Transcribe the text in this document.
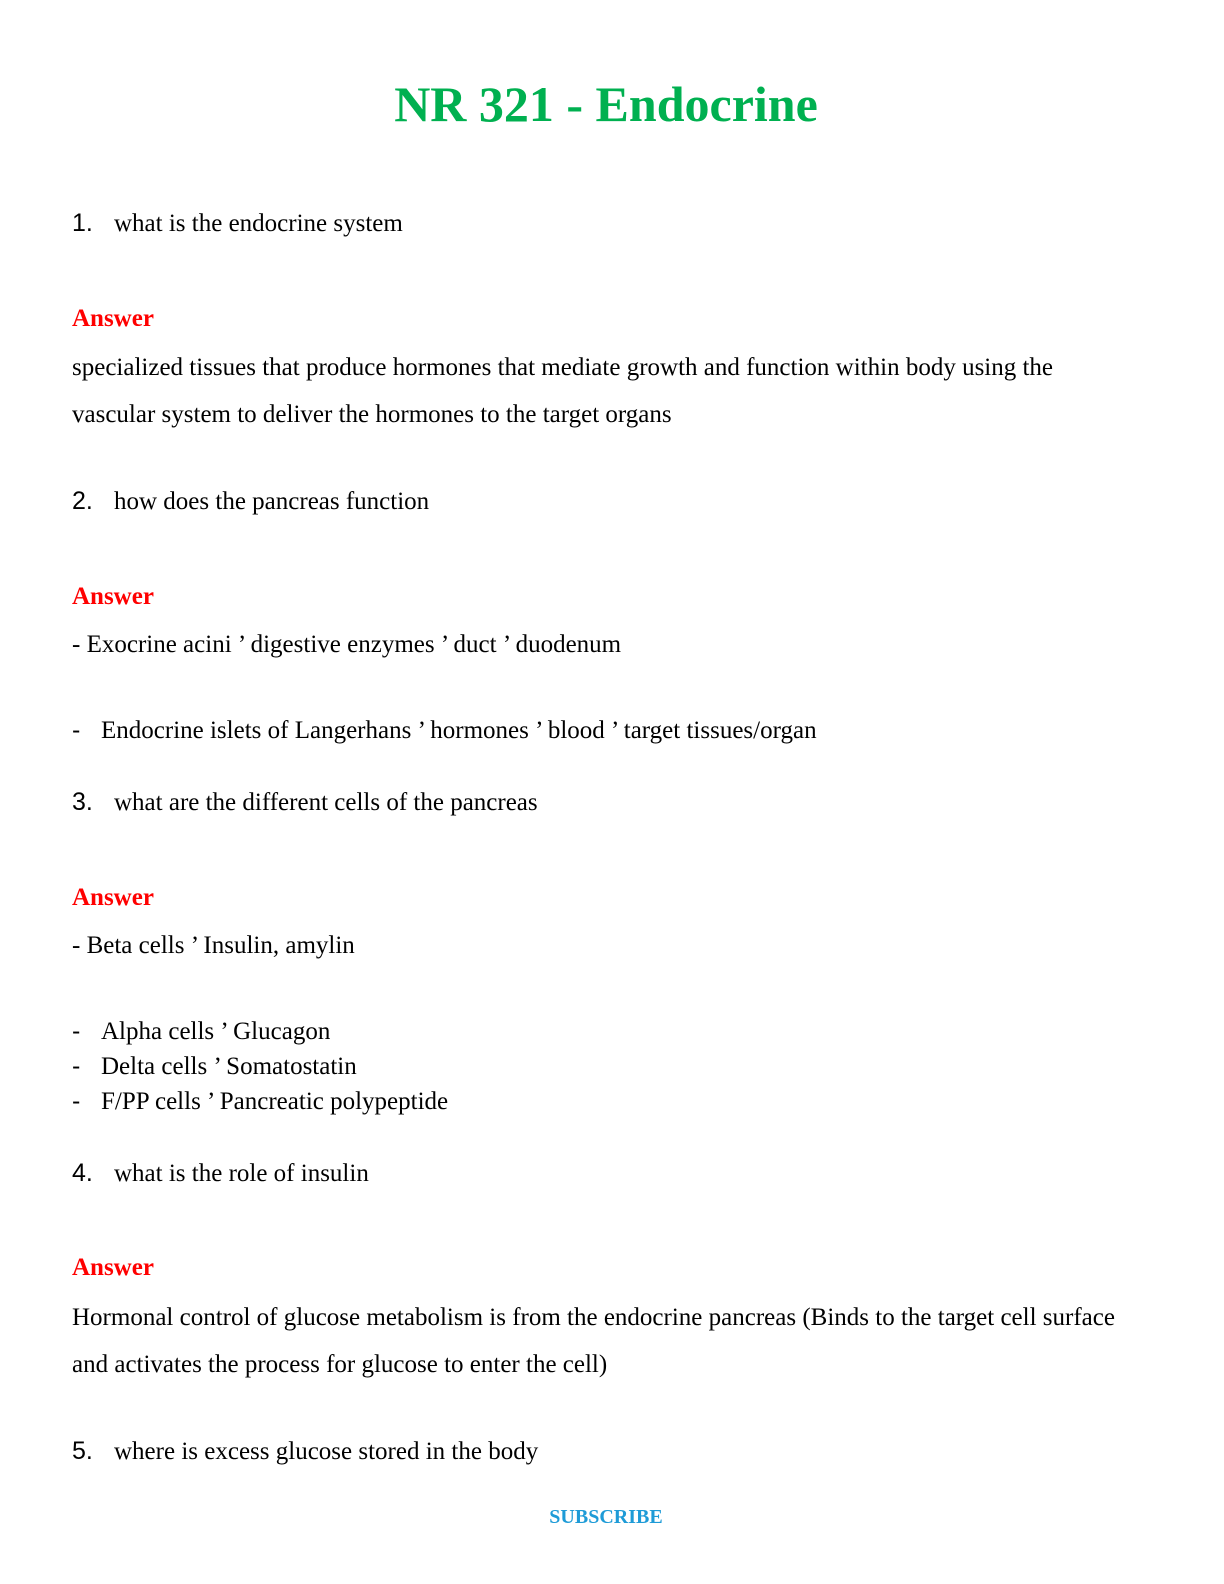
NR 321 - Endocrine
1. what is the endocrine system
Answer
specialized tissues that produce hormones that mediate growth and function within body using the vascular system to deliver the hormones to the target organs
2. how does the pancreas function
Answer
- Exocrine acini ’ digestive enzymes ’ duct ’ duodenum
- Endocrine islets of Langerhans ’ hormones ’ blood ’ target tissues/organ
3. what are the different cells of the pancreas
Answer
- Beta cells ’ Insulin, amylin
- Alpha cells ’ Glucagon
- Delta cells ’ Somatostatin
- F/PP cells ’ Pancreatic polypeptide
4. what is the role of insulin
Answer
Hormonal control of glucose metabolism is from the endocrine pancreas (Binds to the target cell surface and activates the process for glucose to enter the cell)
5. where is excess glucose stored in the body
SUBSCRIBE
